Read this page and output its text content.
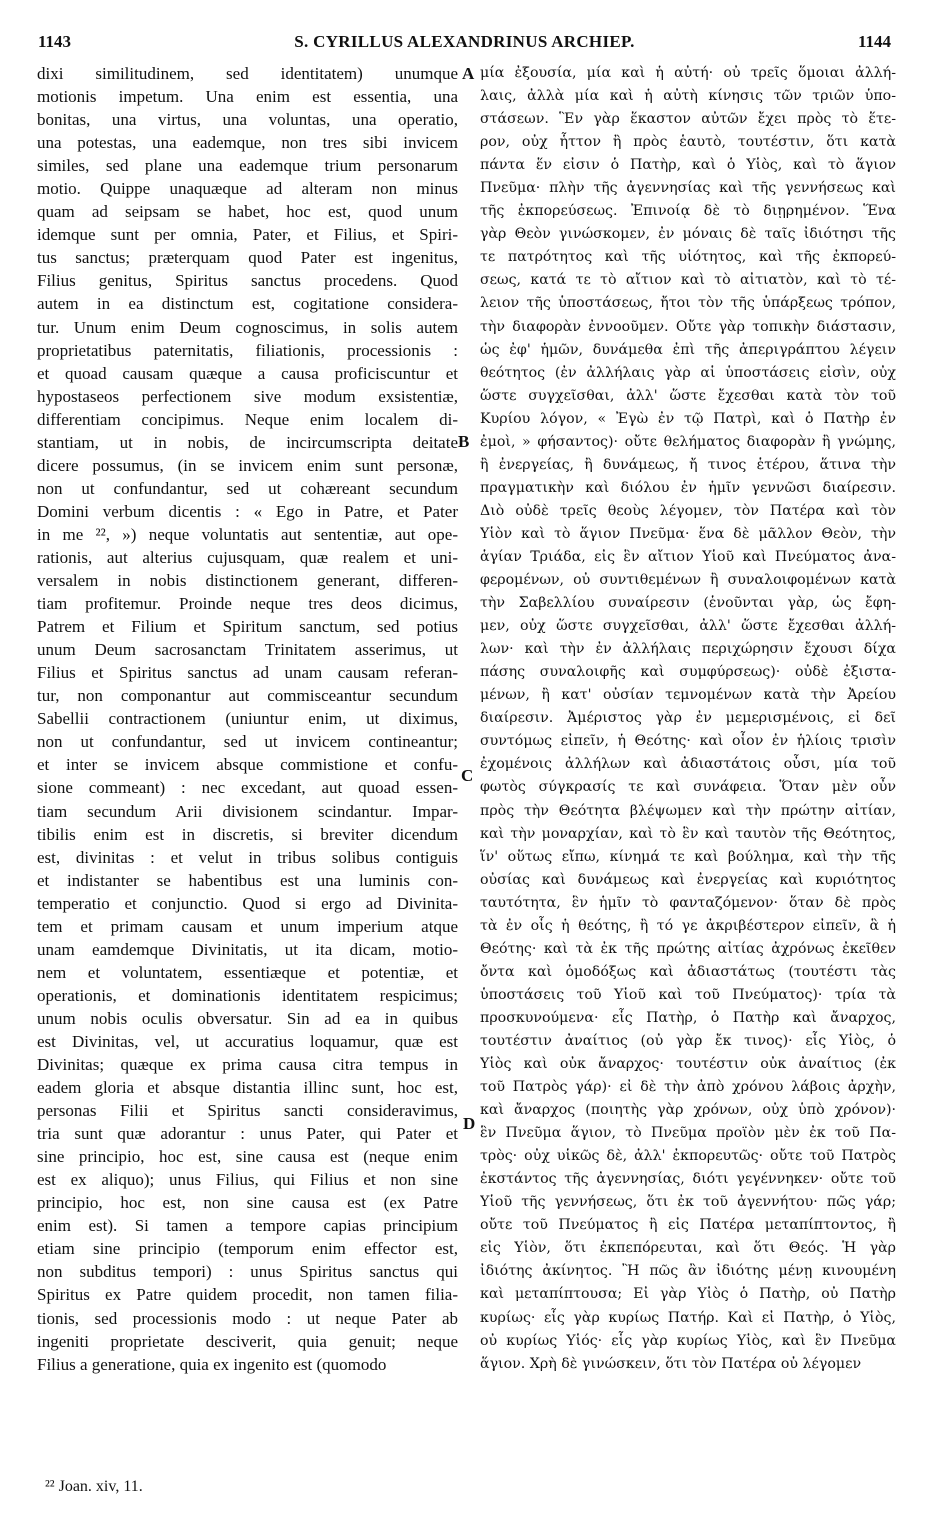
1143	S. CYRILLUS ALEXANDRINUS ARCHIEP.	1144
dixi similitudinem, sed identitatem) unumque
motionis impetum. Una enim est essentia, una
bonitas, una virtus, una voluntas, una operatio,
una potestas, una eademque, non tres sibi invicem
similes, sed plane una eademque trium personarum
motio. Quippe unaquæque ad alteram non minus
quam ad seipsam se habet, hoc est, quod unum
idemque sunt per omnia, Pater, et Filius, et Spiri-
tus sanctus; præterquam quod Pater est ingenitus,
Filius genitus, Spiritus sanctus procedens. Quod
autem in ea distinctum est, cogitatione considera-
tur. Unum enim Deum cognoscimus, in solis autem
proprietatibus paternitatis, filiationis, processionis :
et quoad causam quæque a causa proficiscuntur et
hypostaseos perfectionem sive modum exsistentiæ,
differentiam concipimus. Neque enim localem di-
stantiam, ut in nobis, de incircumscripta deitate
dicere possumus, (in se invicem enim sunt personæ,
non ut confundantur, sed ut cohæreant secundum
Domini verbum dicentis : « Ego in Patre, et Pater
in me ²², ») neque voluntatis aut sententiæ, aut ope-
rationis, aut alterius cujusquam, quæ realem et uni-
versalem in nobis distinctionem generant, differen-
tiam profitemur. Proinde neque tres deos dicimus,
Patrem et Filium et Spiritum sanctum, sed potius
unum Deum sacrosanctam Trinitatem asserimus, ut
Filius et Spiritus sanctus ad unam causam referan-
tur, non componantur aut commisceantur secundum
Sabellii contractionem (uniuntur enim, ut diximus,
non ut confundantur, sed ut invicem contineantur;
et inter se invicem absque commistione et confu-
sione commeant) : nec excedant, aut quoad essen-
tiam secundum Arii divisionem scindantur. Impar-
tibilis enim est in discretis, si breviter dicendum
est, divinitas : et velut in tribus solibus contiguis
et indistanter se habentibus est una luminis con-
temperatio et conjunctio. Quod si ergo ad Divinita-
tem et primam causam et unum imperium atque
unam eamdemque Divinitatis, ut ita dicam, motio-
nem et voluntatem, essentiæque et potentiæ, et
operationis, et dominationis identitatem respicimus;
unum nobis oculis obversatur. Sin ad ea in quibus
est Divinitas, vel, ut accuratius loquamur, quæ est
Divinitas; quæque ex prima causa citra tempus in
eadem gloria et absque distantia illinc sunt, hoc est,
personas Filii et Spiritus sancti consideravimus,
tria sunt quæ adorantur : unus Pater, qui Pater et
sine principio, hoc est, sine causa est (neque enim
est ex aliquo); unus Filius, qui Filius et non sine
principio, hoc est, non sine causa est (ex Patre
enim est). Si tamen a tempore capias principium
etiam sine principio (temporum enim effector est,
non subditus tempori) : unus Spiritus sanctus qui
Spiritus ex Patre quidem procedit, non tamen filia-
tionis, sed processionis modo : ut neque Pater ab
ingeniti proprietate desciverit, quia genuit; neque
Filius a generatione, quia ex ingenito est (quomodo
μία ἐξουσία, μία καὶ ἡ αὐτή· οὐ τρεῖς ὅμοιαι ἀλλή-
λαις, ἀλλὰ μία καὶ ἡ αὐτὴ κίνησις τῶν τριῶν ὑπο-
στάσεων. Ἓν γὰρ ἕκαστον αὐτῶν ἔχει πρὸς τὸ ἕτε-
ρον, οὐχ ἧττον ἢ πρὸς ἑαυτὸ, τουτέστιν, ὅτι κατὰ
πάντα ἕν εἰσιν ὁ Πατὴρ, καὶ ὁ Υἱὸς, καὶ τὸ ἅγιον
Πνεῦμα· πλὴν τῆς ἀγεννησίας καὶ τῆς γεννήσεως καὶ
τῆς ἐκπορεύσεως. Ἐπινοίᾳ δὲ τὸ διῃρημένον. Ἕνα
γὰρ Θεὸν γινώσκομεν, ἐν μόναις δὲ ταῖς ἰδιότησι τῆς
τε πατρότητος καὶ τῆς υἱότητος, καὶ τῆς ἐκπορεύ-
σεως, κατά τε τὸ αἴτιον καὶ τὸ αἰτιατὸν, καὶ τὸ τέ-
λειον τῆς ὑποστάσεως, ἤτοι τὸν τῆς ὑπάρξεως τρόπον,
τὴν διαφορὰν ἐννοοῦμεν. Οὔτε γὰρ τοπικὴν διάστασιν,
ὡς ἐφ' ἡμῶν, δυνάμεθα ἐπὶ τῆς ἀπεριγράπτου λέγειν
θεότητος (ἐν ἀλλήλαις γὰρ αἱ ὑποστάσεις εἰσὶν, οὐχ
ὥστε συγχεῖσθαι, ἀλλ' ὥστε ἔχεσθαι κατὰ τὸν τοῦ
Κυρίου λόγον, « Ἐγὼ ἐν τῷ Πατρὶ, καὶ ὁ Πατὴρ ἐν
ἐμοὶ, » φήσαντος)· οὔτε θελήματος διαφορὰν ἢ γνώμης,
ἢ ἐνεργείας, ἢ δυνάμεως, ἤ τινος ἑτέρου, ἅτινα τὴν
πραγματικὴν καὶ διόλου ἐν ἡμῖν γεννῶσι διαίρεσιν.
Διὸ οὐδὲ τρεῖς θεοὺς λέγομεν, τὸν Πατέρα καὶ τὸν
Υἱὸν καὶ τὸ ἅγιον Πνεῦμα· ἕνα δὲ μᾶλλον Θεὸν, τὴν
ἁγίαν Τριάδα, εἰς ἓν αἴτιον Υἱοῦ καὶ Πνεύματος ἀνα-
φερομένων, οὐ συντιθεμένων ἢ συναλοιφομένων κατὰ
τὴν Σαβελλίου συναίρεσιν (ἑνοῦνται γὰρ, ὡς ἔφη-
μεν, οὐχ ὥστε συγχεῖσθαι, ἀλλ' ὥστε ἔχεσθαι ἀλλή-
λων· καὶ τὴν ἐν ἀλλήλαις περιχώρησιν ἔχουσι δίχα
πάσης συναλοιφῆς καὶ συμφύρσεως)· οὐδὲ ἐξιστα-
μένων, ἢ κατ' οὐσίαν τεμνομένων κατὰ τὴν Ἀρείου
διαίρεσιν. Ἀμέριστος γὰρ ἐν μεμερισμένοις, εἰ δεῖ
συντόμως εἰπεῖν, ἡ Θεότης· καὶ οἷον ἐν ἡλίοις τρισὶν
ἐχομένοις ἀλλήλων καὶ ἀδιαστάτοις οὖσι, μία τοῦ
φωτὸς σύγκρασίς τε καὶ συνάφεια. Ὅταν μὲν οὖν
πρὸς τὴν Θεότητα βλέψωμεν καὶ τὴν πρώτην αἰτίαν,
καὶ τὴν μοναρχίαν, καὶ τὸ ἓν καὶ ταυτὸν τῆς Θεότητος,
ἵν' οὕτως εἴπω, κίνημά τε καὶ βούλημα, καὶ τὴν τῆς
οὐσίας καὶ δυνάμεως καὶ ἐνεργείας καὶ κυριότητος
ταυτότητα, ἓν ἡμῖν τὸ φανταζόμενον· ὅταν δὲ πρὸς
τὰ ἐν οἷς ἡ θεότης, ἢ τό γε ἀκριβέστερον εἰπεῖν, ἃ ἡ
Θεότης· καὶ τὰ ἐκ τῆς πρώτης αἰτίας ἀχρόνως ἐκεῖθεν
ὄντα καὶ ὁμοδόξως καὶ ἀδιαστάτως (τουτέστι τὰς
ὑποστάσεις τοῦ Υἱοῦ καὶ τοῦ Πνεύματος)· τρία τὰ
προσκυνούμενα· εἷς Πατὴρ, ὁ Πατὴρ καὶ ἄναρχος,
τουτέστιν ἀναίτιος (οὐ γὰρ ἔκ τινος)· εἷς Υἱὸς, ὁ
Υἱὸς καὶ οὐκ ἄναρχος· τουτέστιν οὐκ ἀναίτιος (ἐκ
τοῦ Πατρὸς γάρ)· εἰ δὲ τὴν ἀπὸ χρόνου λάβοις ἀρχὴν,
καὶ ἄναρχος (ποιητὴς γὰρ χρόνων, οὐχ ὑπὸ χρόνον)·
ἓν Πνεῦμα ἅγιον, τὸ Πνεῦμα προϊὸν μὲν ἐκ τοῦ Πα-
τρὸς· οὐχ υἱκῶς δὲ, ἀλλ' ἐκπορευτῶς· οὔτε τοῦ Πατρὸς
ἐκστάντος τῆς ἀγεννησίας, διότι γεγέννηκεν· οὔτε τοῦ
Υἱοῦ τῆς γεννήσεως, ὅτι ἐκ τοῦ ἀγεννήτου· πῶς γάρ;
οὔτε τοῦ Πνεύματος ἢ εἰς Πατέρα μεταπίπτοντος, ἢ
εἰς Υἱὸν, ὅτι ἐκπεπόρευται, καὶ ὅτι Θεός. Ἡ γὰρ
ἰδιότης ἀκίνητος. Ἢ πῶς ἂν ἰδιότης μένῃ κινουμένη
καὶ μεταπίπτουσα; Εἰ γὰρ Υἱὸς ὁ Πατὴρ, οὐ Πατὴρ
κυρίως· εἷς γὰρ κυρίως Πατήρ. Καὶ εἰ Πατὴρ, ὁ Υἱὸς,
οὐ κυρίως Υἱός· εἷς γὰρ κυρίως Υἱὸς, καὶ ἓν Πνεῦμα
ἅγιον. Χρὴ δὲ γινώσκειν, ὅτι τὸν Πατέρα οὐ λέγομεν
A
B
C
D
²² Joan. xiv, 11.
